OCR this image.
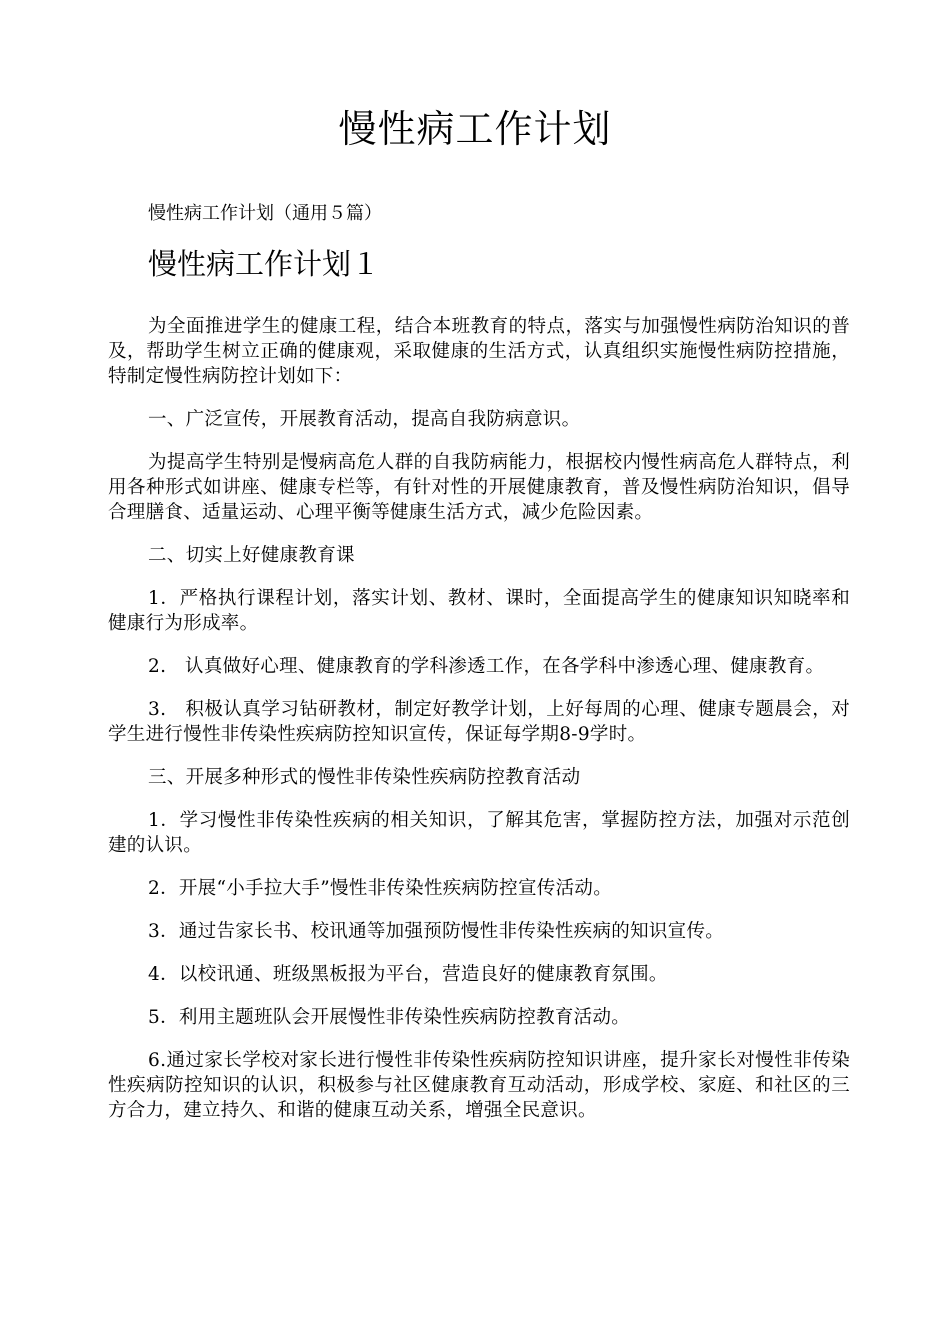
慢性病工作计划

慢性病工作计划（通用５篇）

慢性病工作计划１

为全面推进学生的健康工程，结合本班教育的特点，落实与加强慢性病防治知识的普及，帮助学生树立正确的健康观，采取健康的生活方式，认真组织实施慢性病防控措施，特制定慢性病防控计划如下：

一、广泛宣传，开展教育活动，提高自我防病意识。

为提高学生特别是慢病高危人群的自我防病能力，根据校内慢性病高危人群特点，利用各种形式如讲座、健康专栏等，有针对性的开展健康教育，普及慢性病防治知识，倡导合理膳食、适量运动、心理平衡等健康生活方式，减少危险因素。

二、切实上好健康教育课

1．严格执行课程计划，落实计划、教材、课时，全面提高学生的健康知识知晓率和健康行为形成率。

2.　认真做好心理、健康教育的学科渗透工作，在各学科中渗透心理、健康教育。

3.　积极认真学习钻研教材，制定好教学计划，上好每周的心理、健康专题晨会，对学生进行慢性非传染性疾病防控知识宣传，保证每学期8-9学时。

三、开展多种形式的慢性非传染性疾病防控教育活动

1．学习慢性非传染性疾病的相关知识，了解其危害，掌握防控方法，加强对示范创建的认识。

2．开展“小手拉大手”慢性非传染性疾病防控宣传活动。

3．通过告家长书、校讯通等加强预防慢性非传染性疾病的知识宣传。

4．以校讯通、班级黑板报为平台，营造良好的健康教育氛围。

5．利用主题班队会开展慢性非传染性疾病防控教育活动。

6.通过家长学校对家长进行慢性非传染性疾病防控知识讲座，提升家长对慢性非传染性疾病防控知识的认识，积极参与社区健康教育互动活动，形成学校、家庭、和社区的三方合力，建立持久、和谐的健康互动关系，增强全民意识。
